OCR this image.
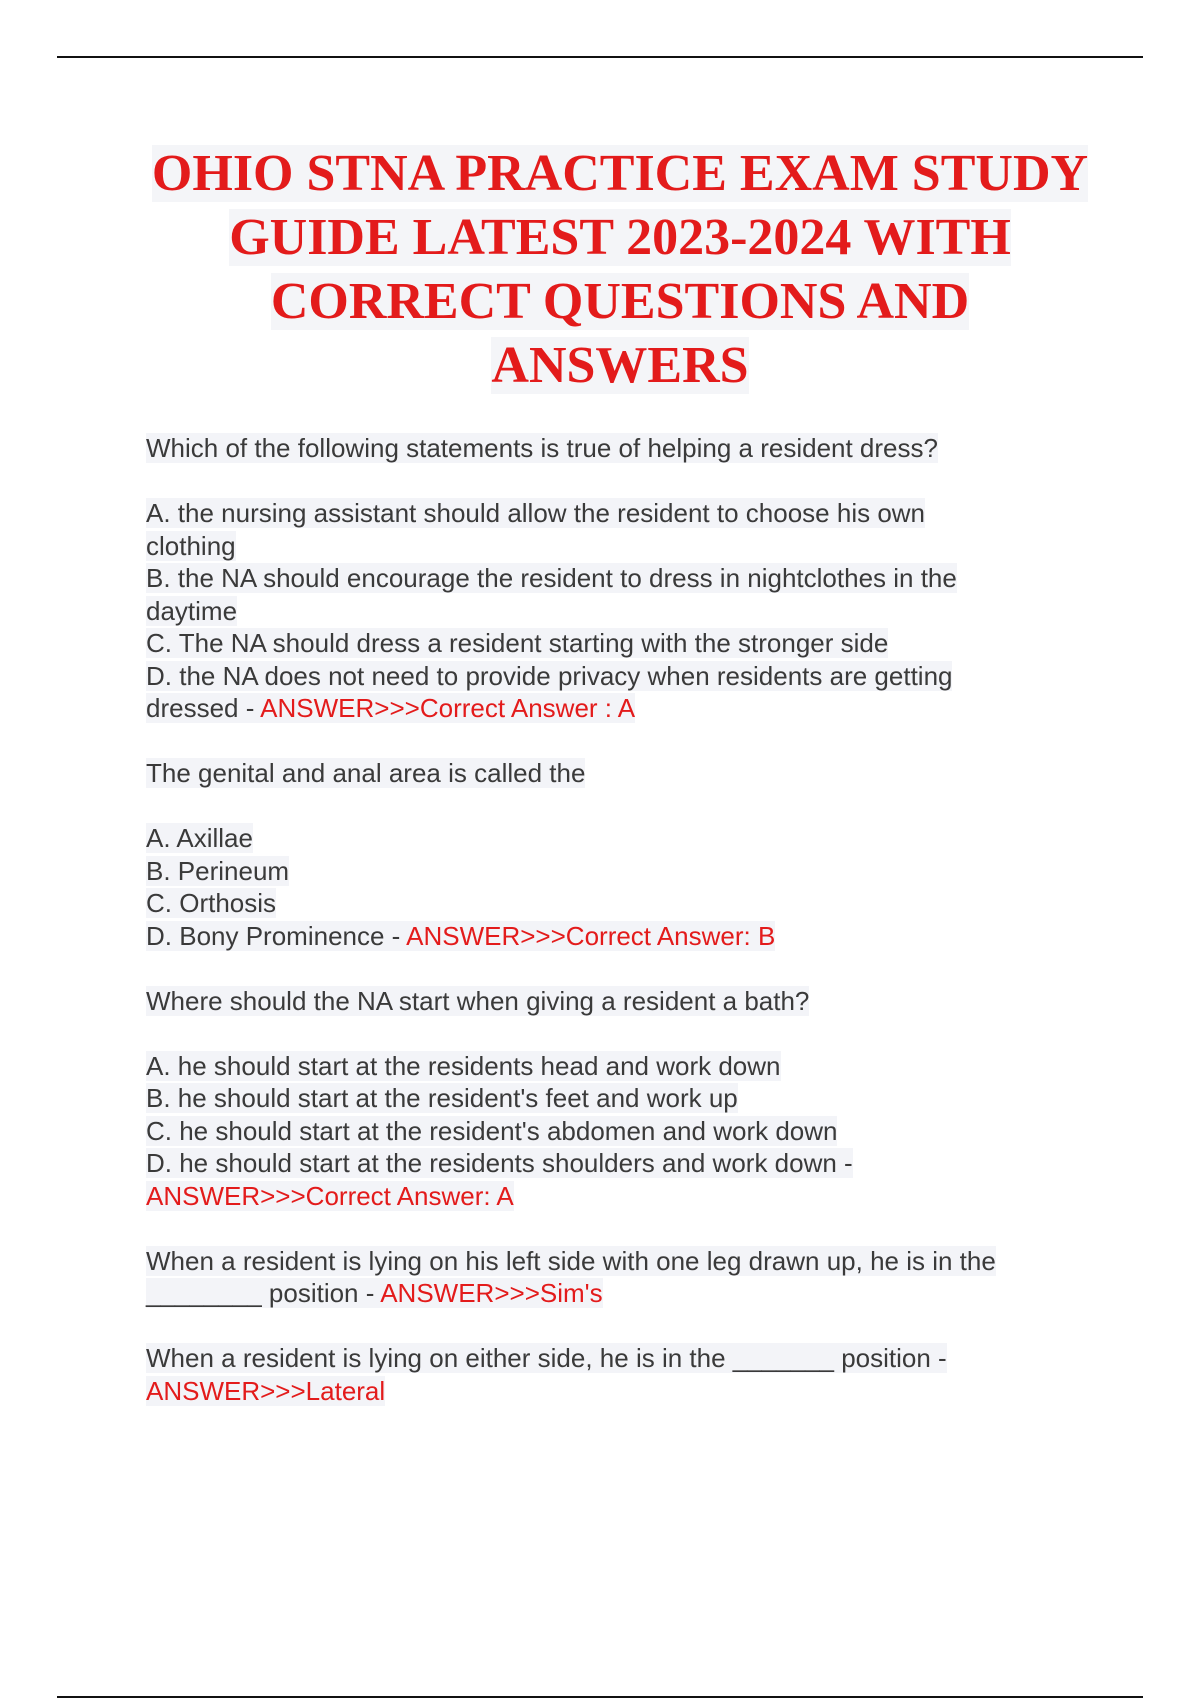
OHIO STNA PRACTICE EXAM STUDY
GUIDE LATEST 2023-2024 WITH
CORRECT QUESTIONS AND
ANSWERS
Which of the following statements is true of helping a resident dress?
A. the nursing assistant should allow the resident to choose his own
clothing
B. the NA should encourage the resident to dress in nightclothes in the
daytime
C. The NA should dress a resident starting with the stronger side
D. the NA does not need to provide privacy when residents are getting
dressed - ANSWER>>>Correct Answer : A
The genital and anal area is called the
A. Axillae
B. Perineum
C. Orthosis
D. Bony Prominence - ANSWER>>>Correct Answer: B
Where should the NA start when giving a resident a bath?
A. he should start at the residents head and work down
B. he should start at the resident's feet and work up
C. he should start at the resident's abdomen and work down
D. he should start at the residents shoulders and work down -
ANSWER>>>Correct Answer: A
When a resident is lying on his left side with one leg drawn up, he is in the
________ position - ANSWER>>>Sim's
When a resident is lying on either side, he is in the _______ position -
ANSWER>>>Lateral
